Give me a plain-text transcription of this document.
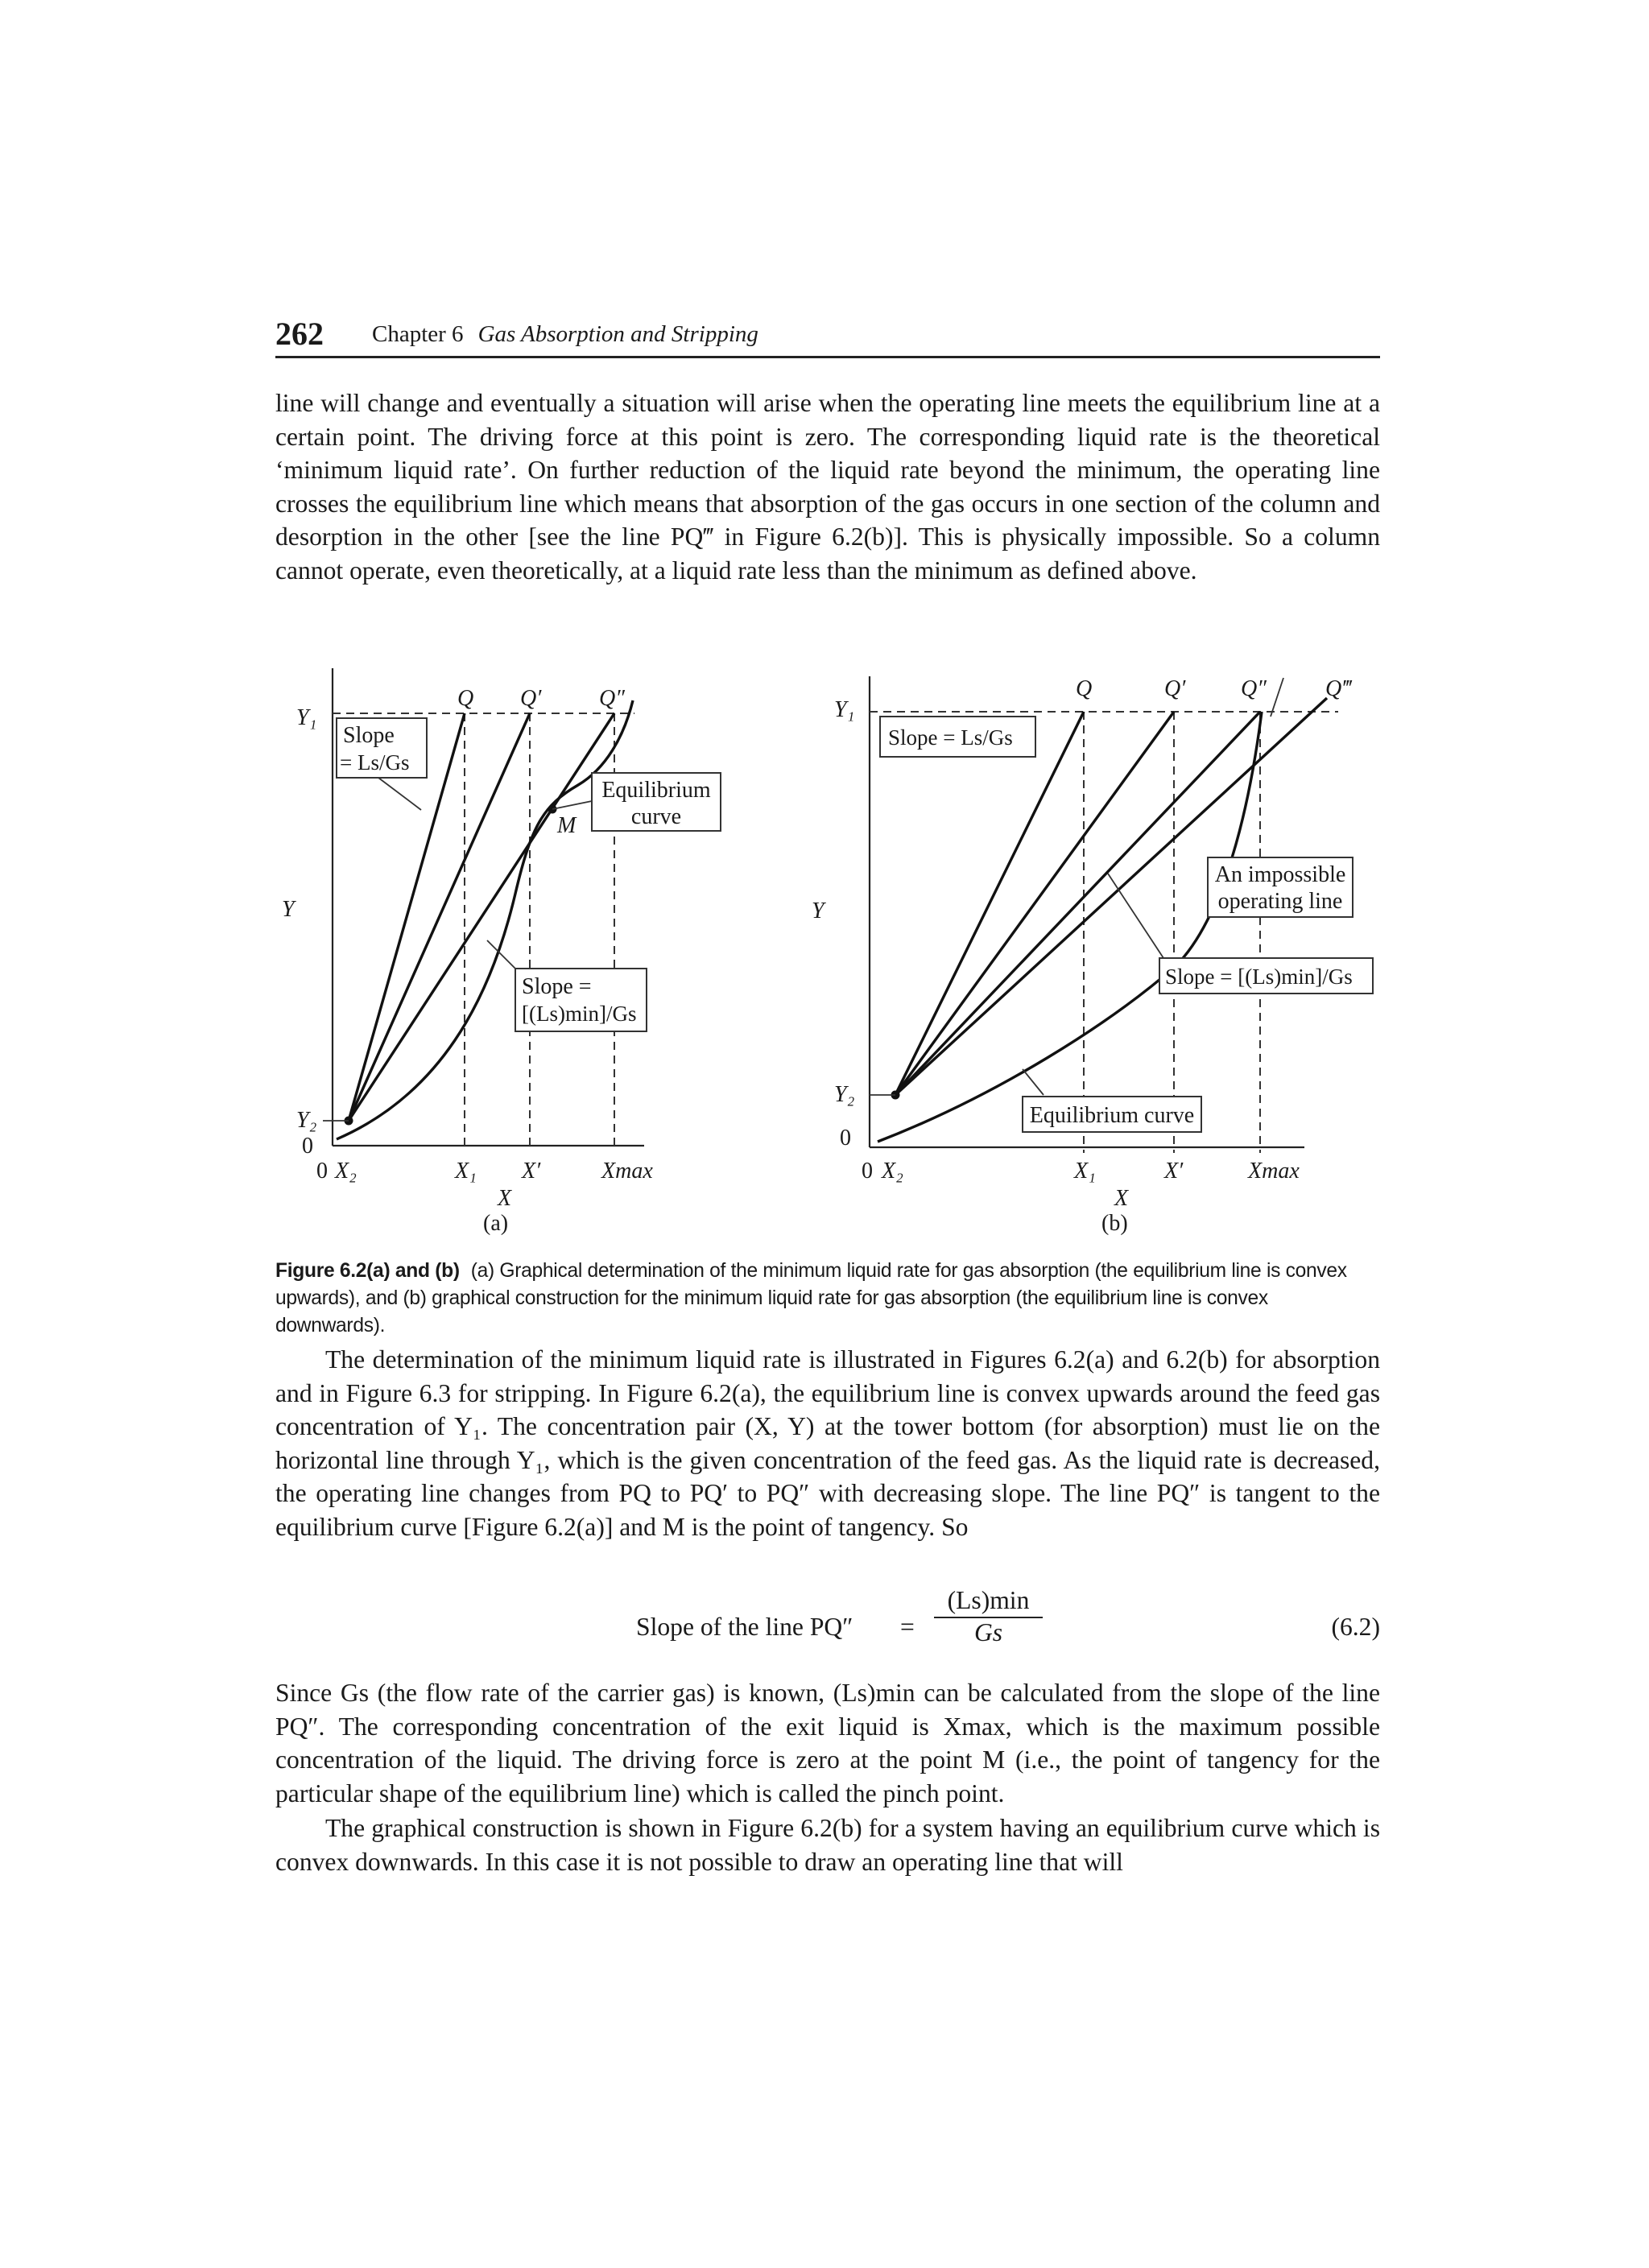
262 Chapter 6 Gas Absorption and Stripping

line will change and eventually a situation will arise when the operating line meets the equilibrium line at a certain point. The driving force at this point is zero. The corresponding liquid rate is the theoretical ‘minimum liquid rate’. On further reduction of the liquid rate beyond the minimum, the operating line crosses the equilibrium line which means that absorption of the gas occurs in one section of the column and desorption in the other [see the line PQ‴ in Figure 6.2(b)]. This is physically impossible. So a column cannot operate, even theoretically, at a liquid rate less than the minimum as defined above.

Slope
= Ls/Gs
Equilibrium
curve
Slope =
[(Ls)min]/Gs
Y₁
Y
Y₂
0
0 X₂	X₁ X′	Xmax
X
(a)
Q Q′	Q″
M
Slope = Ls/Gs
An impossible
operating line
Slope = [(Ls)min]/Gs
Equilibrium curve
Y₁
Y
Y₂
0
0 X₂	X₁	X′	Xmax
X
(b)
Q	Q′ Q″	Q‴

Figure 6.2(a) and (b) (a) Graphical determination of the minimum liquid rate for gas absorption (the equilibrium line is convex upwards), and (b) graphical construction for the minimum liquid rate for gas absorption (the equilibrium line is convex downwards).

The determination of the minimum liquid rate is illustrated in Figures 6.2(a) and 6.2(b) for absorption and in Figure 6.3 for stripping. In Figure 6.2(a), the equilibrium line is convex upwards around the feed gas concentration of Y₁. The concentration pair (X, Y) at the tower bottom (for absorption) must lie on the horizontal line through Y₁, which is the given concentration of the feed gas. As the liquid rate is decreased, the operating line changes from PQ to PQ′ to PQ″ with decreasing slope. The line PQ″ is tangent to the equilibrium curve [Figure 6.2(a)] and M is the point of tangency. So

Slope of the line PQ″ =
(Ls)min
Gs	(6.2)

Since Gs (the flow rate of the carrier gas) is known, (Ls)min can be calculated from the slope of the line PQ″. The corresponding concentration of the exit liquid is Xmax, which is the maximum possible concentration of the liquid. The driving force is zero at the point M (i.e., the point of tangency for the particular shape of the equilibrium line) which is called the pinch point.

The graphical construction is shown in Figure 6.2(b) for a system having an equilibrium curve which is convex downwards. In this case it is not possible to draw an operating line that will
